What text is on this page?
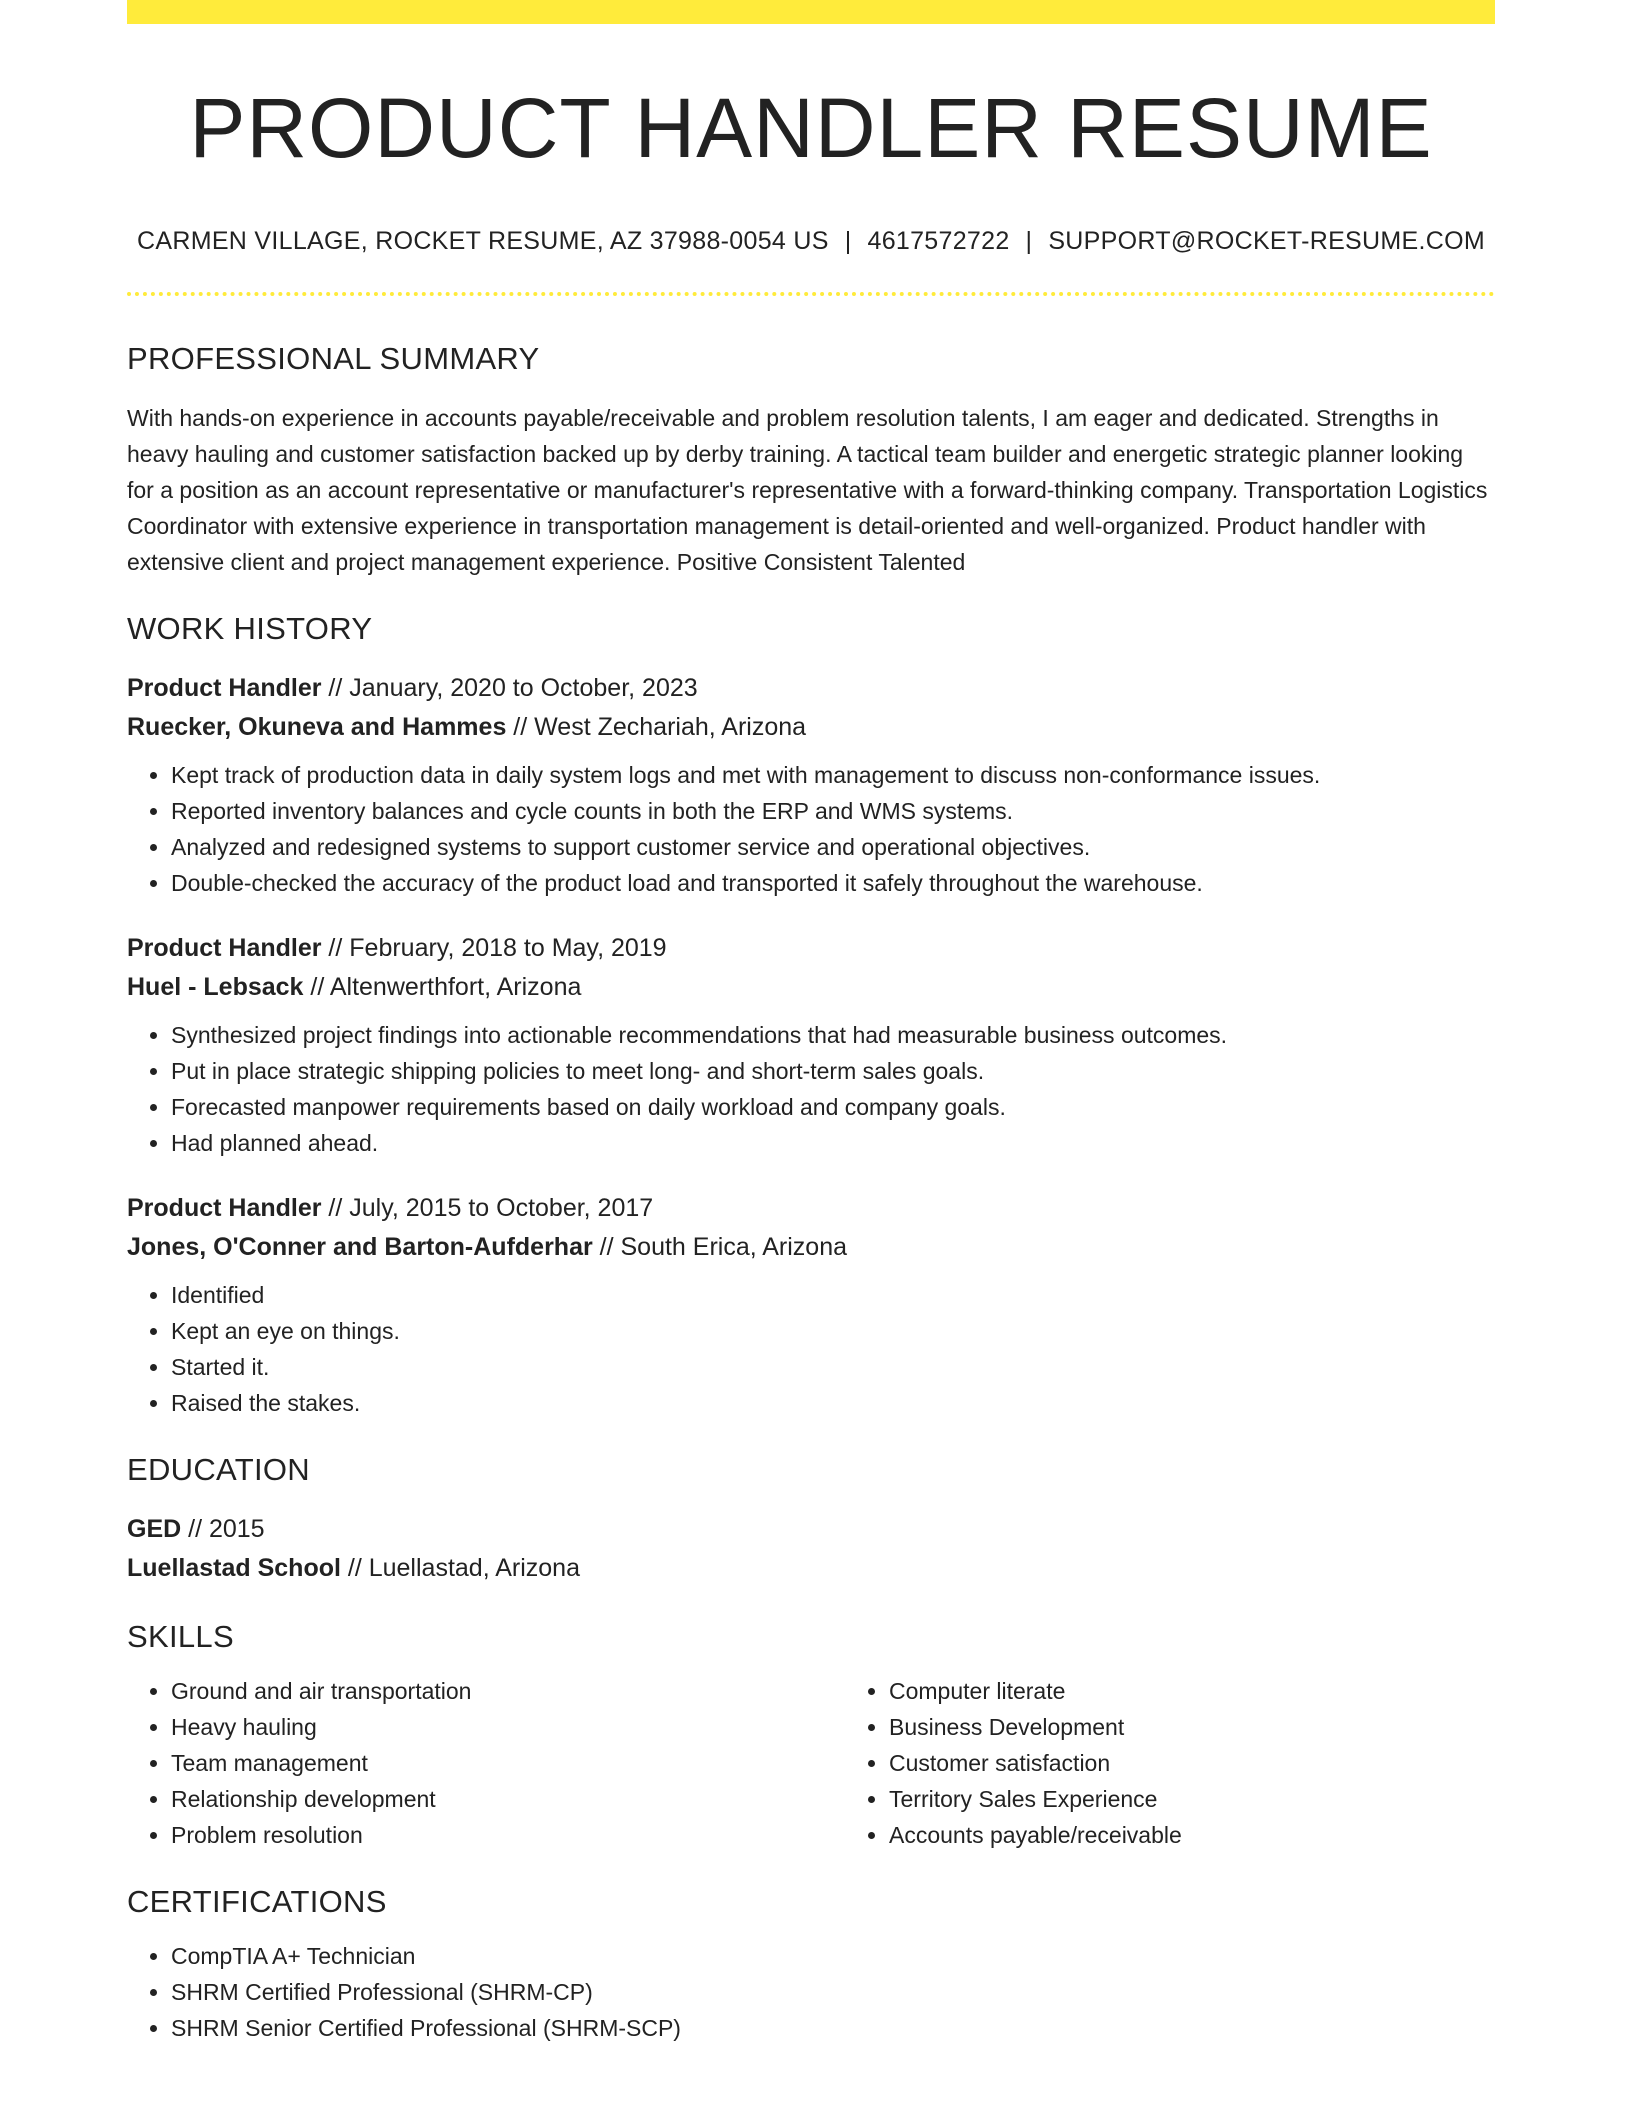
PRODUCT HANDLER RESUME
CARMEN VILLAGE, ROCKET RESUME, AZ 37988-0054 US | 4617572722 | SUPPORT@ROCKET-RESUME.COM
PROFESSIONAL SUMMARY
With hands-on experience in accounts payable/receivable and problem resolution talents, I am eager and dedicated. Strengths in heavy hauling and customer satisfaction backed up by derby training. A tactical team builder and energetic strategic planner looking for a position as an account representative or manufacturer's representative with a forward-thinking company. Transportation Logistics Coordinator with extensive experience in transportation management is detail-oriented and well-organized. Product handler with extensive client and project management experience. Positive Consistent Talented
WORK HISTORY
Product Handler // January, 2020 to October, 2023
Ruecker, Okuneva and Hammes // West Zechariah, Arizona
• Kept track of production data in daily system logs and met with management to discuss non-conformance issues.
• Reported inventory balances and cycle counts in both the ERP and WMS systems.
• Analyzed and redesigned systems to support customer service and operational objectives.
• Double-checked the accuracy of the product load and transported it safely throughout the warehouse.
Product Handler // February, 2018 to May, 2019
Huel - Lebsack // Altenwerthfort, Arizona
• Synthesized project findings into actionable recommendations that had measurable business outcomes.
• Put in place strategic shipping policies to meet long- and short-term sales goals.
• Forecasted manpower requirements based on daily workload and company goals.
• Had planned ahead.
Product Handler // July, 2015 to October, 2017
Jones, O'Conner and Barton-Aufderhar // South Erica, Arizona
• Identified
• Kept an eye on things.
• Started it.
• Raised the stakes.
EDUCATION
GED // 2015
Luellastad School // Luellastad, Arizona
SKILLS
• Ground and air transportation
• Heavy hauling
• Team management
• Relationship development
• Problem resolution
• Computer literate
• Business Development
• Customer satisfaction
• Territory Sales Experience
• Accounts payable/receivable
CERTIFICATIONS
• CompTIA A+ Technician
• SHRM Certified Professional (SHRM-CP)
• SHRM Senior Certified Professional (SHRM-SCP)
